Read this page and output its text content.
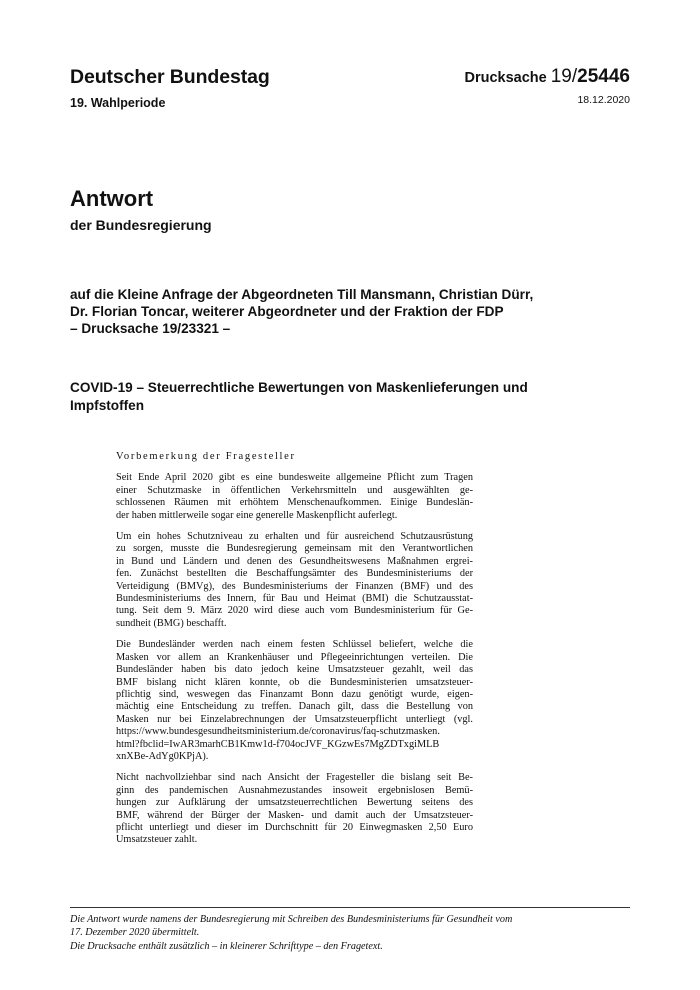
Deutscher Bundestag
19. Wahlperiode
Drucksache 19/25446
18.12.2020
Antwort
der Bundesregierung
auf die Kleine Anfrage der Abgeordneten Till Mansmann, Christian Dürr,
Dr. Florian Toncar, weiterer Abgeordneter und der Fraktion der FDP
– Drucksache 19/23321 –
COVID-19 – Steuerrechtliche Bewertungen von Maskenlieferungen und
Impfstoffen
Vorbemerkung der Fragesteller

Seit Ende April 2020 gibt es eine bundesweite allgemeine Pflicht zum Tragen
einer Schutzmaske in öffentlichen Verkehrsmitteln und ausgewählten ge-
schlossenen Räumen mit erhöhtem Menschenaufkommen. Einige Bundeslän-
der haben mittlerweile sogar eine generelle Maskenpflicht auferlegt.

Um ein hohes Schutzniveau zu erhalten und für ausreichend Schutzausrüstung
zu sorgen, musste die Bundesregierung gemeinsam mit den Verantwortlichen
in Bund und Ländern und denen des Gesundheitswesens Maßnahmen ergrei-
fen. Zunächst bestellten die Beschaffungsämter des Bundesministeriums der
Verteidigung (BMVg), des Bundesministeriums der Finanzen (BMF) und des
Bundesministeriums des Innern, für Bau und Heimat (BMI) die Schutzausstat-
tung. Seit dem 9. März 2020 wird diese auch vom Bundesministerium für Ge-
sundheit (BMG) beschafft.

Die Bundesländer werden nach einem festen Schlüssel beliefert, welche die
Masken vor allem an Krankenhäuser und Pflegeeinrichtungen verteilen. Die
Bundesländer haben bis dato jedoch keine Umsatzsteuer gezahlt, weil das
BMF bislang nicht klären konnte, ob die Bundesministerien umsatzsteuer-
pflichtig sind, weswegen das Finanzamt Bonn dazu genötigt wurde, eigen-
mächtig eine Entscheidung zu treffen. Danach gilt, dass die Bestellung von
Masken nur bei Einzelabrechnungen der Umsatzsteuerpflicht unterliegt (vgl.
https://www.bundesgesundheitsministerium.de/coronavirus/faq-schutzmasken.
html?fbclid=IwAR3marhCB1Kmw1d-f704ocJVF_KGzwEs7MgZDTxgiMLB
xnXBe-AdYg0KPjA).

Nicht nachvollziehbar sind nach Ansicht der Fragesteller die bislang seit Be-
ginn des pandemischen Ausnahmezustandes insoweit ergebnislosen Bemü-
hungen zur Aufklärung der umsatzsteuerrechtlichen Bewertung seitens des
BMF, während der Bürger der Masken- und damit auch der Umsatzsteuer-
pflicht unterliegt und dieser im Durchschnitt für 20 Einwegmasken 2,50 Euro
Umsatzsteuer zahlt.

Die Antwort wurde namens der Bundesregierung mit Schreiben des Bundesministeriums für Gesundheit vom
17. Dezember 2020 übermittelt.

Die Drucksache enthält zusätzlich – in kleinerer Schrifttype – den Fragetext.
